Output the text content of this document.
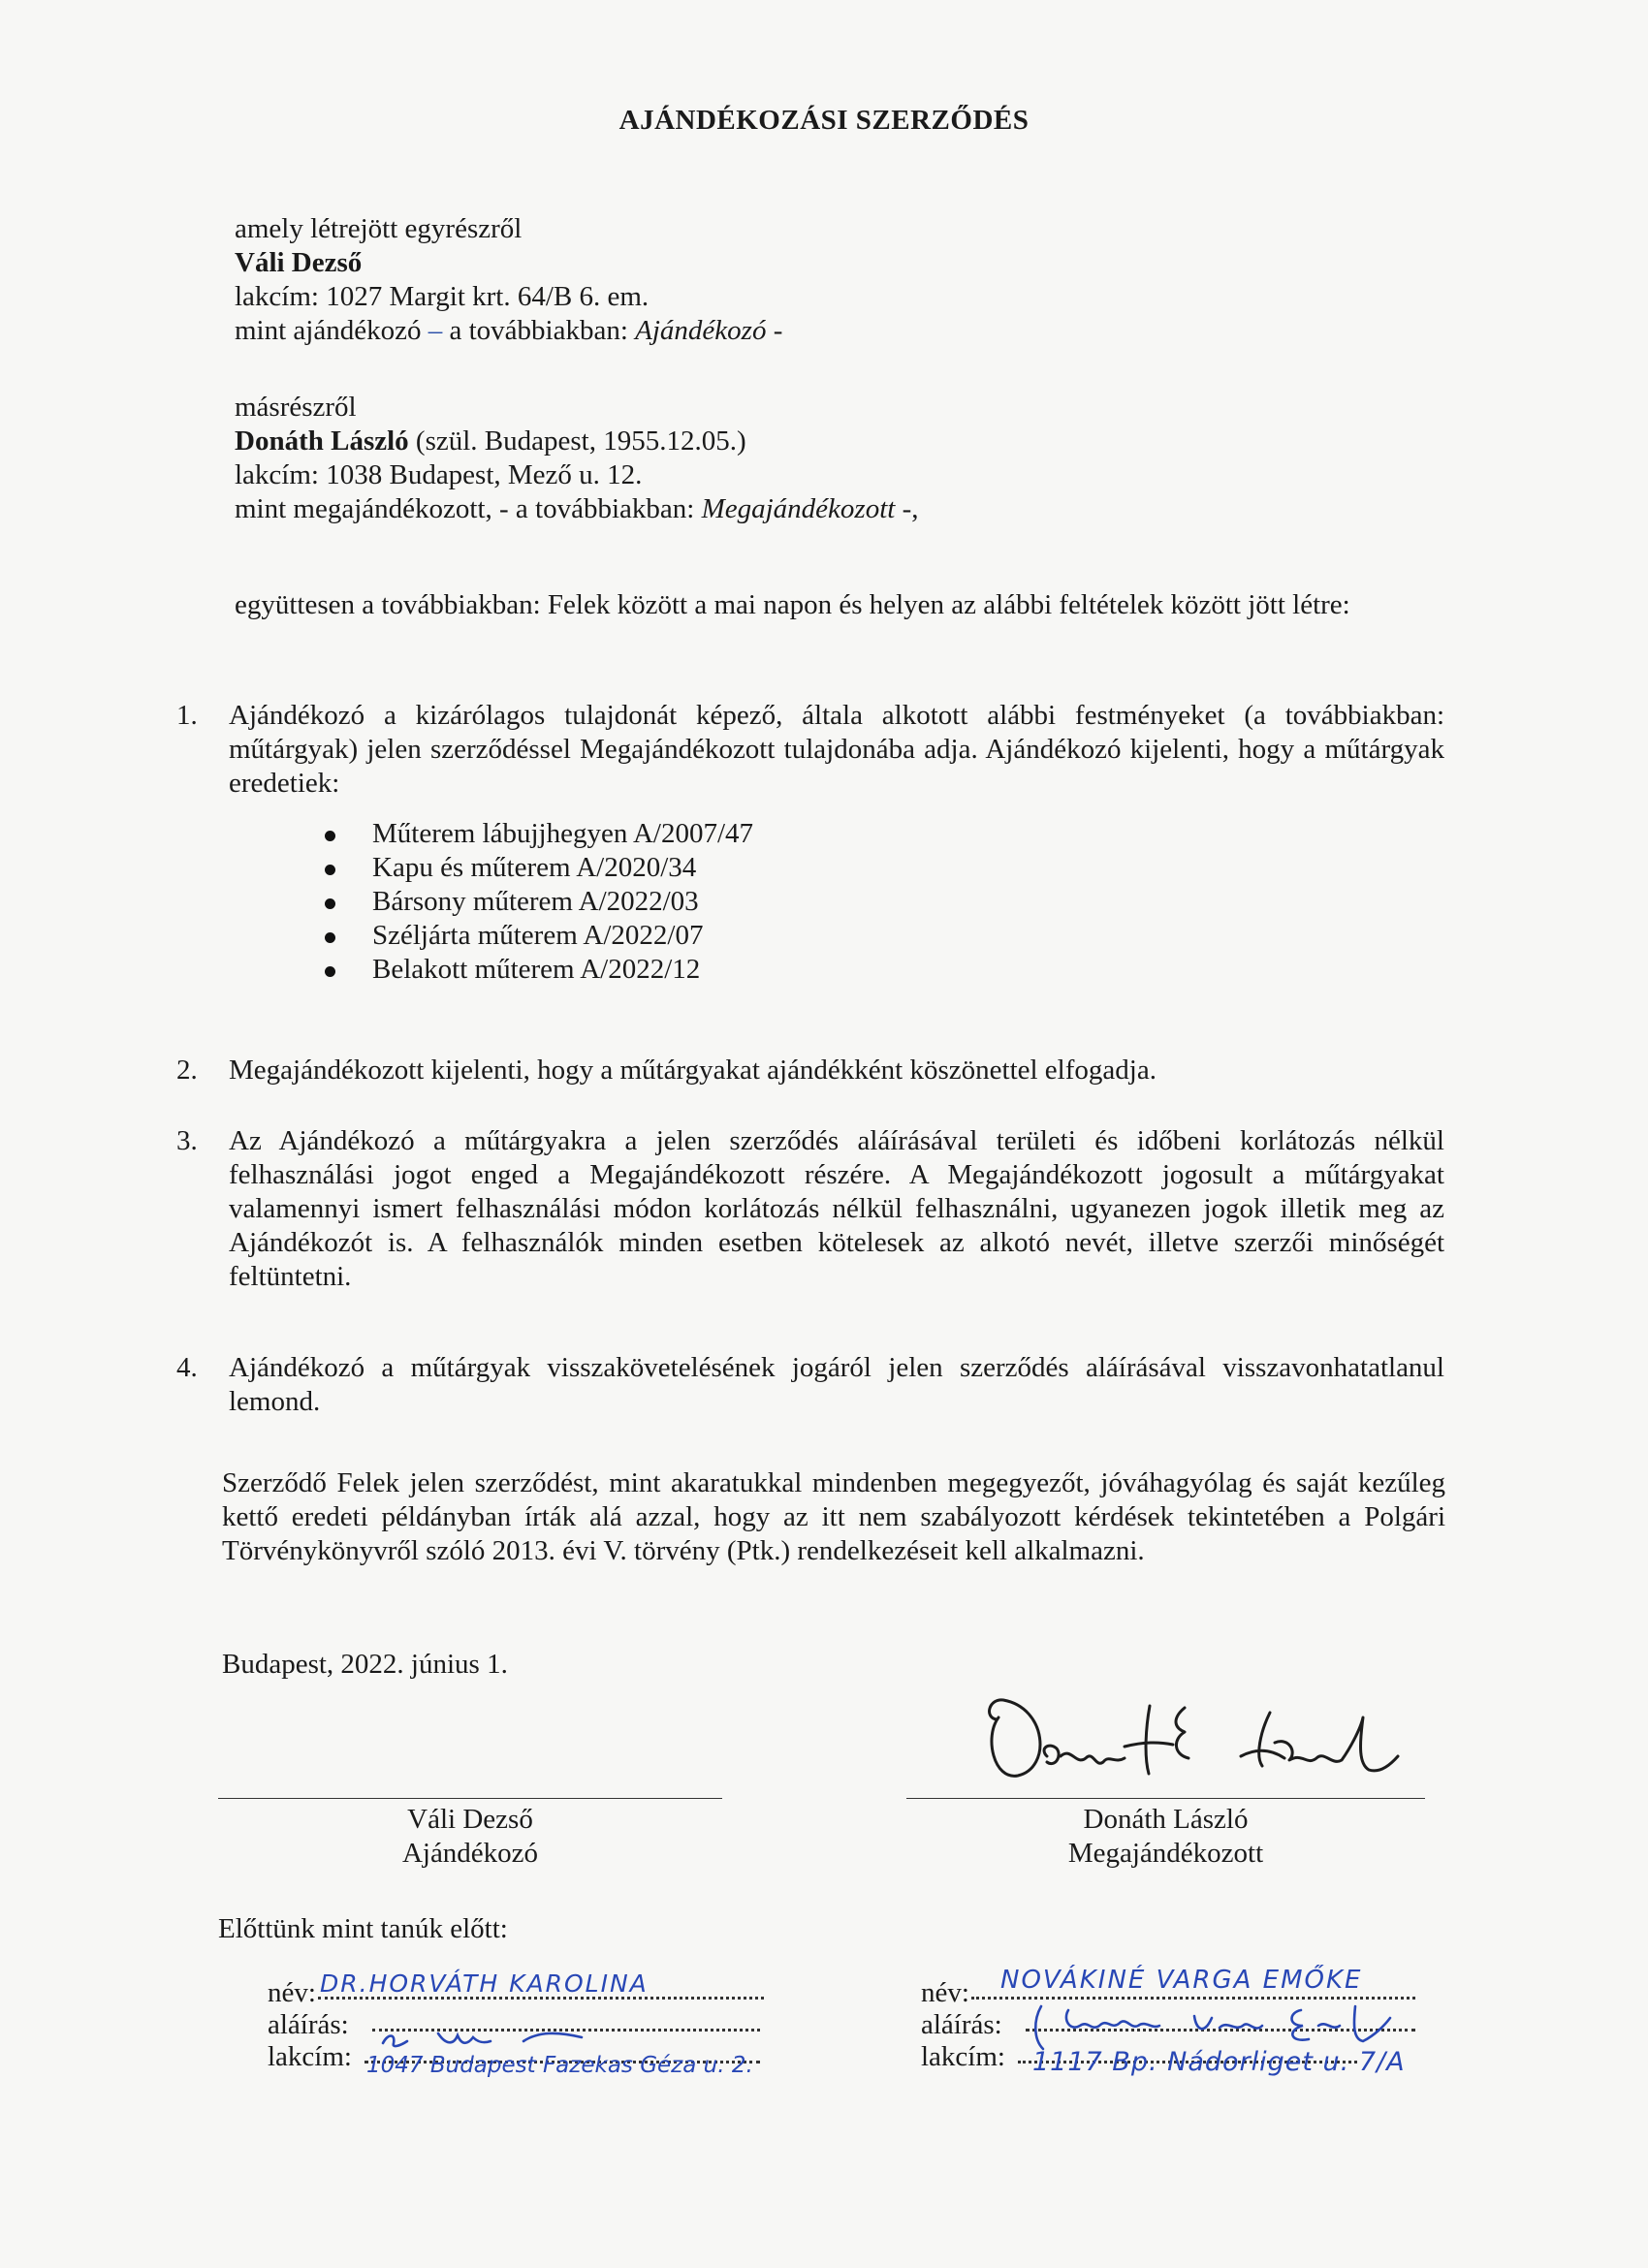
AJÁNDÉKOZÁSI SZERZŐDÉS
amely létrejött egyrészről
Váli Dezső
lakcím: 1027 Margit krt. 64/B 6. em.
mint ajándékozó – a továbbiakban: Ajándékozó -
másrészről
Donáth László (szül. Budapest, 1955.12.05.)
lakcím: 1038 Budapest, Mező u. 12.
mint megajándékozott, - a továbbiakban: Megajándékozott -,
együttesen a továbbiakban: Felek között a mai napon és helyen az alábbi feltételek között jött létre:
1. Ajándékozó a kizárólagos tulajdonát képező, általa alkotott alábbi festményeket (a továbbiakban: műtárgyak) jelen szerződéssel Megajándékozott tulajdonába adja. Ajándékozó kijelenti, hogy a műtárgyak eredetiek:
Műterem lábujjhegyen A/2007/47
Kapu és műterem A/2020/34
Bársony műterem A/2022/03
Széljárta műterem A/2022/07
Belakott műterem A/2022/12
2. Megajándékozott kijelenti, hogy a műtárgyakat ajándékként köszönettel elfogadja.
3. Az Ajándékozó a műtárgyakra a jelen szerződés aláírásával területi és időbeni korlátozás nélkül felhasználási jogot enged a Megajándékozott részére. A Megajándékozott jogosult a műtárgyakat valamennyi ismert felhasználási módon korlátozás nélkül felhasználni, ugyanezen jogok illetik meg az Ajándékozót is. A felhasználók minden esetben kötelesek az alkotó nevét, illetve szerzői minőségét feltüntetni.
4. Ajándékozó a műtárgyak visszakövetelésének jogáról jelen szerződés aláírásával visszavonhatatlanul lemond.
Szerződő Felek jelen szerződést, mint akaratukkal mindenben megegyezőt, jóváhagyólag és saját kezűleg kettő eredeti példányban írták alá azzal, hogy az itt nem szabályozott kérdések tekintetében a Polgári Törvénykönyvről szóló 2013. évi V. törvény (Ptk.) rendelkezéseit kell alkalmazni.
Budapest, 2022. június 1.
Váli Dezső
Ajándékozó
Donáth László
Megajándékozott
Előttünk mint tanúk előtt:
név:
aláírás:
lakcím:
DR.HORVÁTH KAROLINA
1047 Budapest Fazekas Géza u. 2.
név:
aláírás:
lakcím:
NOVÁKINÉ VARGA EMŐKE
1117 Bp. Nádorliget u. 7/A
